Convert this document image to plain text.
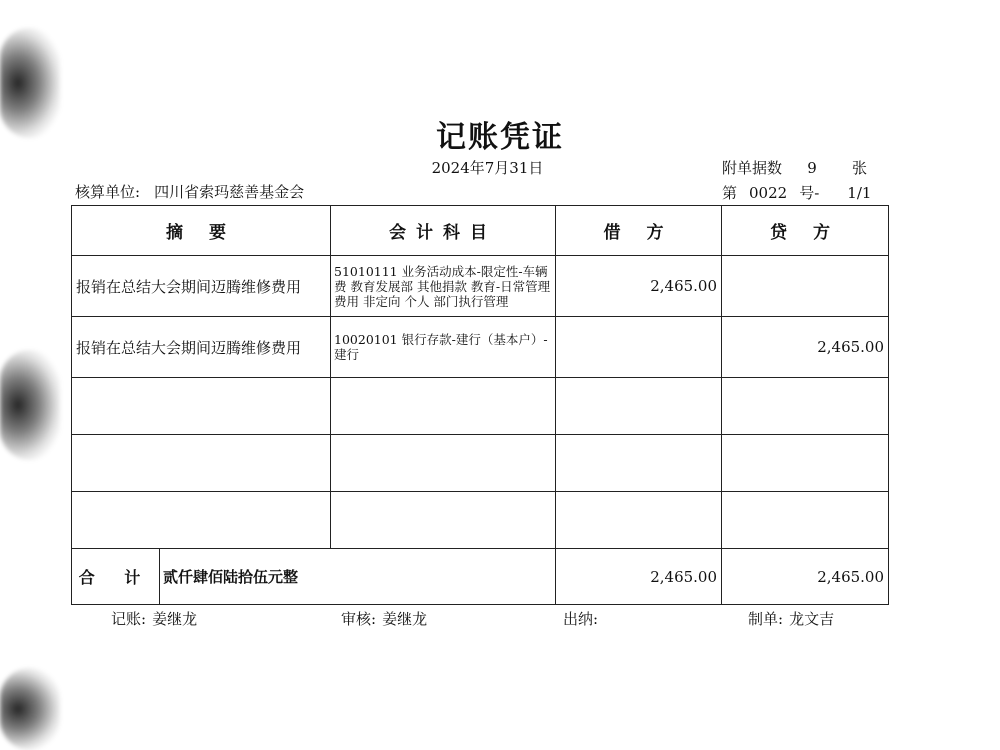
记账凭证
2024年7月31日	附单据数 9 张
核算单位: 四川省索玛慈善基金会	第 0022 号- 1/1
摘 要		会计科目	借 方	贷 方
报销在总结大会期间迈腾维修费用		51010111 业务活动成本-限定性-车辆费 教育发展部 其他捐款 教育-日常管理费用 非定向 个人 部门执行管理	2,465.00	
报销在总结大会期间迈腾维修费用		10020101 银行存款-建行（基本户）-建行		2,465.00

合 计	贰仟肆佰陆拾伍元整		2,465.00	2,465.00
记账: 姜继龙	审核: 姜继龙	出纳:	制单: 龙文吉
